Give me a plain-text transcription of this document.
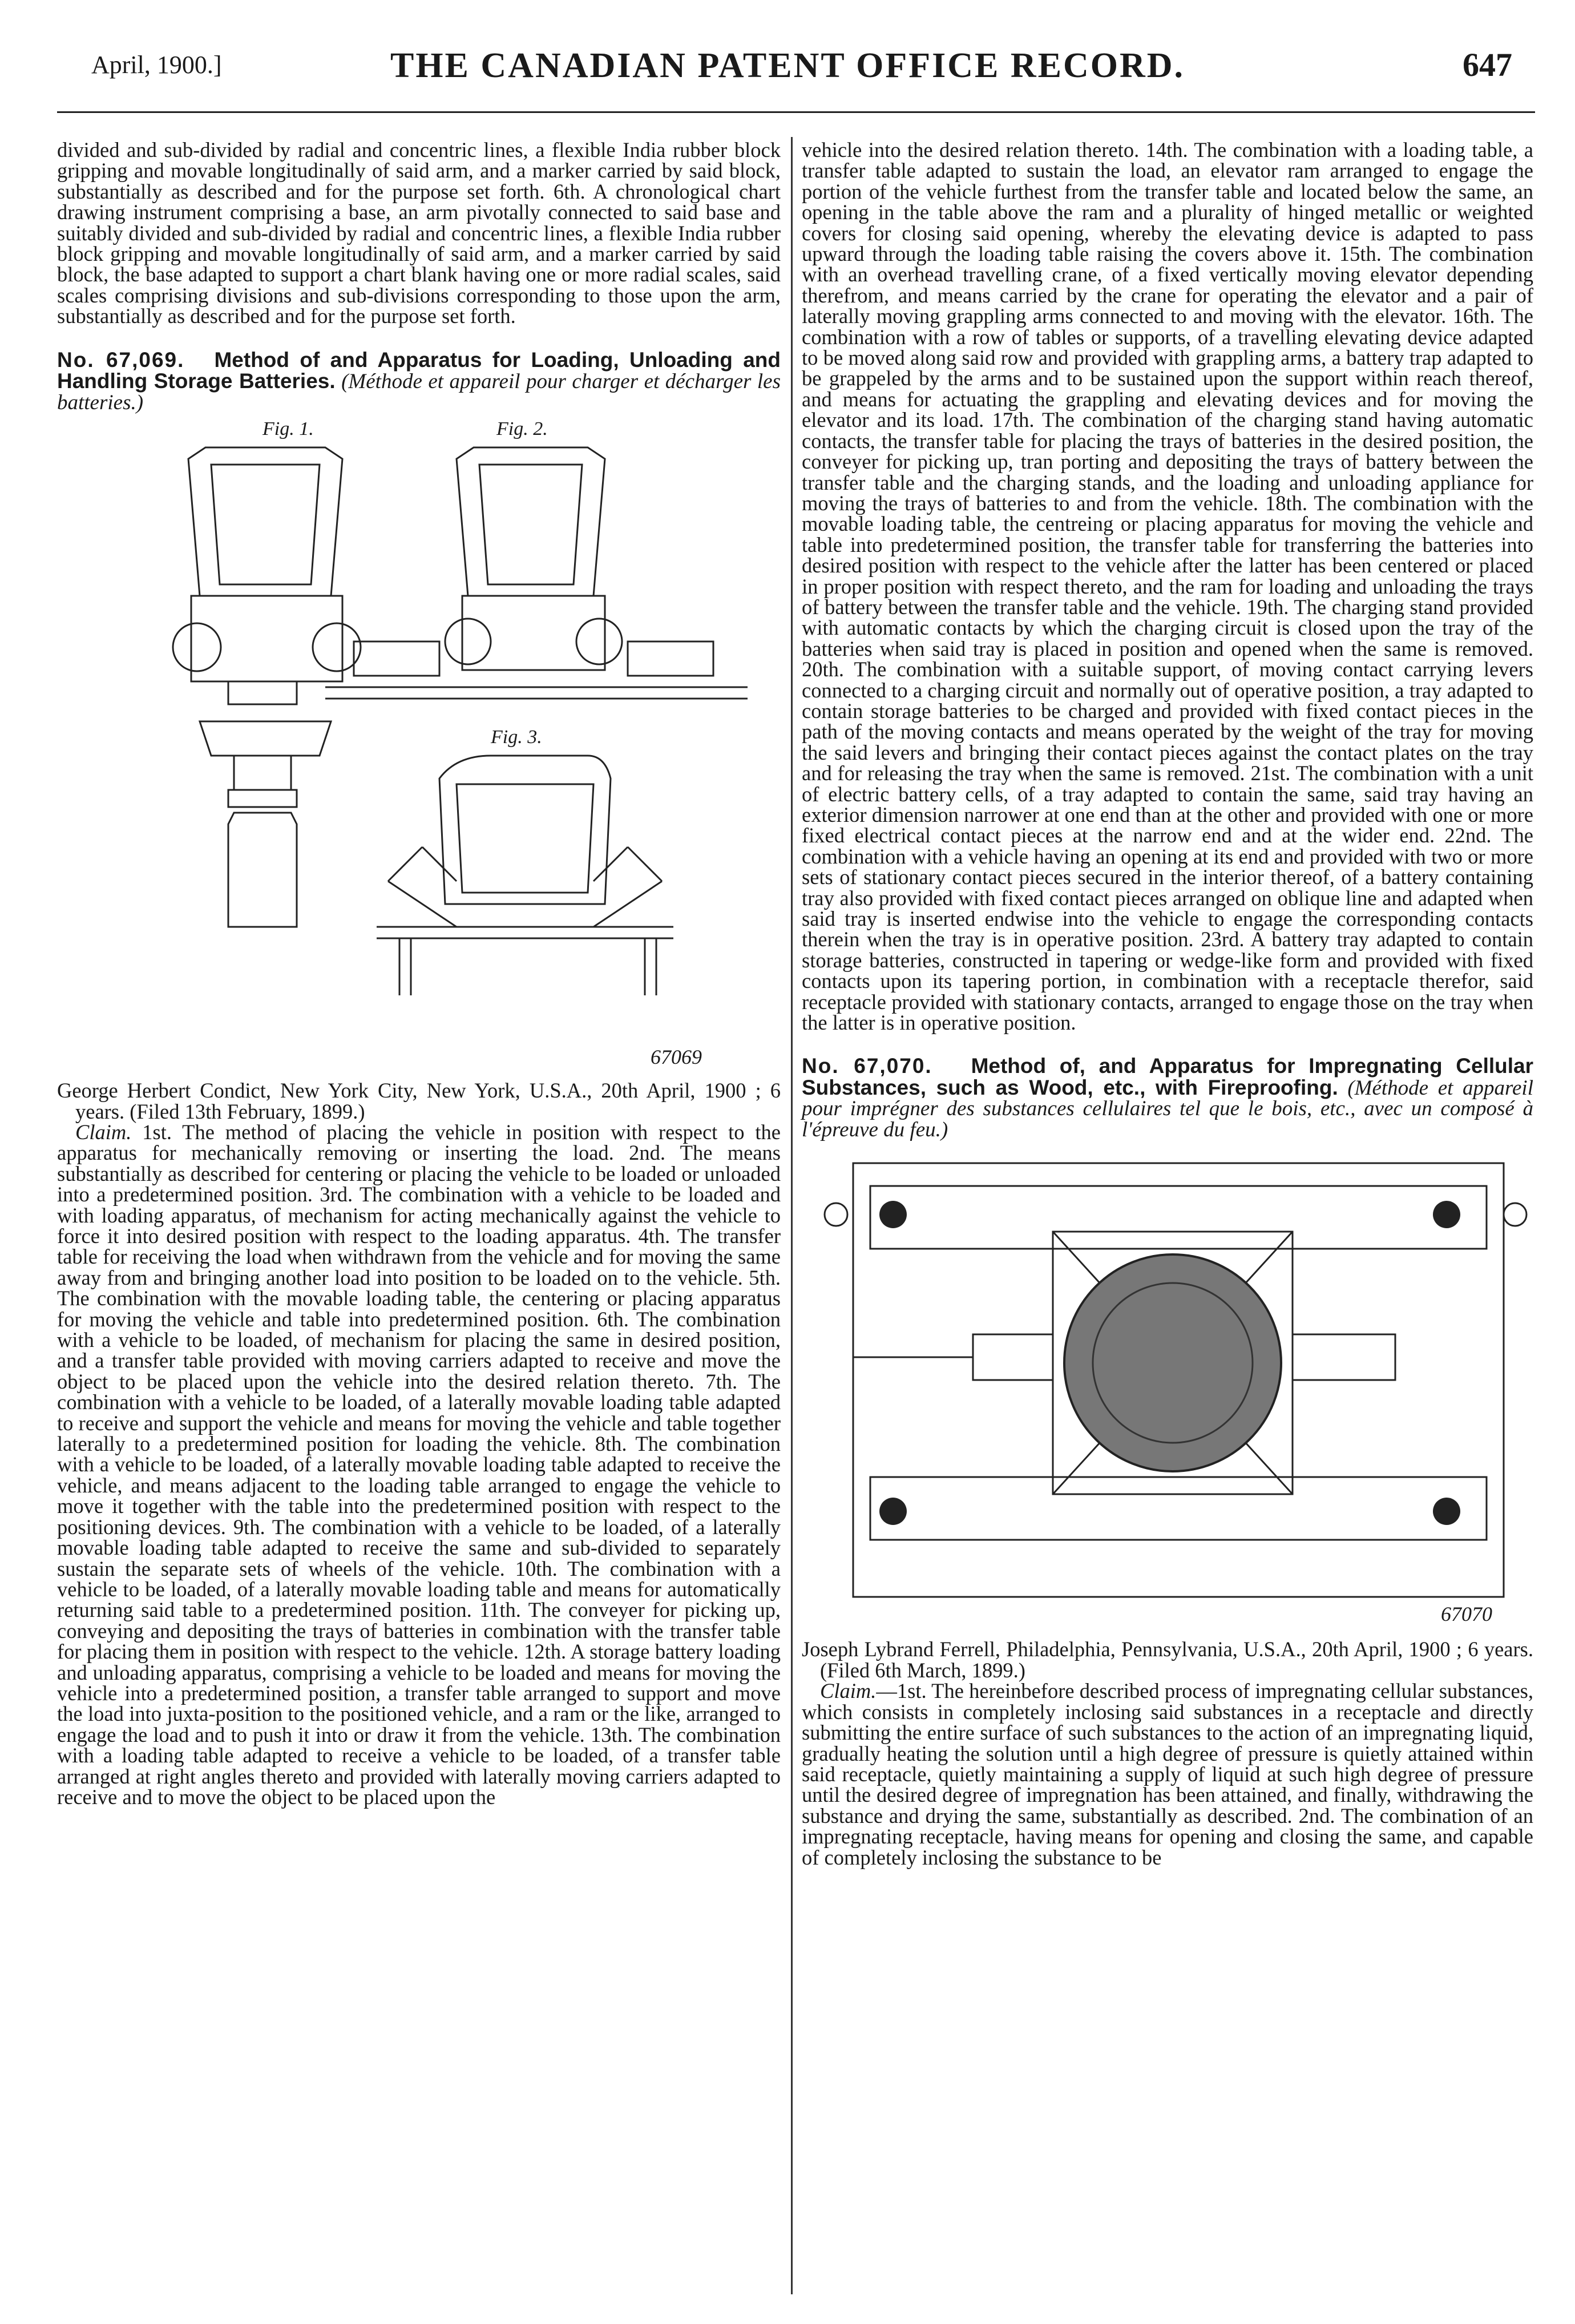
April, 1900.]	THE CANADIAN PATENT OFFICE RECORD.	647

divided and sub-divided by radial and concentric lines, a flexible India rubber block gripping and movable longitudinally of said arm, and a marker carried by said block, substantially as described and for the purpose set forth. 6th. A chronological chart drawing instrument comprising a base, an arm pivotally connected to said base and suitably divided and sub-divided by radial and concentric lines, a flexible India rubber block gripping and movable longitudinally of said arm, and a marker carried by said block, the base adapted to support a chart blank having one or more radial scales, said scales comprising divisions and sub-divisions corresponding to those upon the arm, substantially as described and for the purpose set forth.

No. 67,069. Method of and Apparatus for Loading, Unloading and Handling Storage Batteries. (Méthode et appareil pour charger et décharger les batteries.)

Fig. 1.	Fig. 2.
Fig. 3.
67069

George Herbert Condict, New York City, New York, U.S.A., 20th April, 1900 ; 6 years. (Filed 13th February, 1899.)

Claim. 1st. The method of placing the vehicle in position with respect to the apparatus for mechanically removing or inserting the load. 2nd. The means substantially as described for centering or placing the vehicle to be loaded or unloaded into a predetermined position. 3rd. The combination with a vehicle to be loaded and with loading apparatus, of mechanism for acting mechanically against the vehicle to force it into desired position with respect to the loading apparatus. 4th. The transfer table for receiving the load when withdrawn from the vehicle and for moving the same away from and bringing another load into position to be loaded on to the vehicle. 5th. The combination with the movable loading table, the centering or placing apparatus for moving the vehicle and table into predetermined position. 6th. The combination with a vehicle to be loaded, of mechanism for placing the same in desired position, and a transfer table provided with moving carriers adapted to receive and move the object to be placed upon the vehicle into the desired relation thereto. 7th. The combination with a vehicle to be loaded, of a laterally movable loading table adapted to receive and support the vehicle and means for moving the vehicle and table together laterally to a predetermined position for loading the vehicle. 8th. The combination with a vehicle to be loaded, of a laterally movable loading table adapted to receive the vehicle, and means adjacent to the loading table arranged to engage the vehicle to move it together with the table into the predetermined position with respect to the positioning devices. 9th. The combination with a vehicle to be loaded, of a laterally movable loading table adapted to receive the same and sub-divided to separately sustain the separate sets of wheels of the vehicle. 10th. The combination with a vehicle to be loaded, of a laterally movable loading table and means for automatically returning said table to a predetermined position. 11th. The conveyer for picking up, conveying and depositing the trays of batteries in combination with the transfer table for placing them in position with respect to the vehicle. 12th. A storage battery loading and unloading apparatus, comprising a vehicle to be loaded and means for moving the vehicle into a predetermined position, a transfer table arranged to support and move the load into juxta-position to the positioned vehicle, and a ram or the like, arranged to engage the load and to push it into or draw it from the vehicle. 13th. The combination with a loading table adapted to receive a vehicle to be loaded, of a transfer table arranged at right angles thereto and provided with laterally moving carriers adapted to receive and to move the object to be placed upon the

vehicle into the desired relation thereto. 14th. The combination with a loading table, a transfer table adapted to sustain the load, an elevator ram arranged to engage the portion of the vehicle furthest from the transfer table and located below the same, an opening in the table above the ram and a plurality of hinged metallic or weighted covers for closing said opening, whereby the elevating device is adapted to pass upward through the loading table raising the covers above it. 15th. The combination with an overhead travelling crane, of a fixed vertically moving elevator depending therefrom, and means carried by the crane for operating the elevator and a pair of laterally moving grappling arms connected to and moving with the elevator. 16th. The combination with a row of tables or supports, of a travelling elevating device adapted to be moved along said row and provided with grappling arms, a battery trap adapted to be grappeled by the arms and to be sustained upon the support within reach thereof, and means for actuating the grappling and elevating devices and for moving the elevator and its load. 17th. The combination of the charging stand having automatic contacts, the transfer table for placing the trays of batteries in the desired position, the conveyer for picking up, tran porting and depositing the trays of battery between the transfer table and the charging stands, and the loading and unloading appliance for moving the trays of batteries to and from the vehicle. 18th. The combination with the movable loading table, the centreing or placing apparatus for moving the vehicle and table into predetermined position, the transfer table for transferring the batteries into desired position with respect to the vehicle after the latter has been centered or placed in proper position with respect thereto, and the ram for loading and unloading the trays of battery between the transfer table and the vehicle. 19th. The charging stand provided with automatic contacts by which the charging circuit is closed upon the tray of the batteries when said tray is placed in position and opened when the same is removed. 20th. The combination with a suitable support, of moving contact carrying levers connected to a charging circuit and normally out of operative position, a tray adapted to contain storage batteries to be charged and provided with fixed contact pieces in the path of the moving contacts and means operated by the weight of the tray for moving the said levers and bringing their contact pieces against the contact plates on the tray and for releasing the tray when the same is removed. 21st. The combination with a unit of electric battery cells, of a tray adapted to contain the same, said tray having an exterior dimension narrower at one end than at the other and provided with one or more fixed electrical contact pieces at the narrow end and at the wider end. 22nd. The combination with a vehicle having an opening at its end and provided with two or more sets of stationary contact pieces secured in the interior thereof, of a battery containing tray also provided with fixed contact pieces arranged on oblique line and adapted when said tray is inserted endwise into the vehicle to engage the corresponding contacts therein when the tray is in operative position. 23rd. A battery tray adapted to contain storage batteries, constructed in tapering or wedge-like form and provided with fixed contacts upon its tapering portion, in combination with a receptacle therefor, said receptacle provided with stationary contacts, arranged to engage those on the tray when the latter is in operative position.

No. 67,070. Method of, and Apparatus for Impregnating Cellular Substances, such as Wood, etc., with Fireproofing. (Méthode et appareil pour imprégner des substances cellulaires tel que le bois, etc., avec un composé à l'épreuve du feu.)

67070

Joseph Lybrand Ferrell, Philadelphia, Pennsylvania, U.S.A., 20th April, 1900 ; 6 years. (Filed 6th March, 1899.)

Claim.—1st. The hereinbefore described process of impregnating cellular substances, which consists in completely inclosing said substances in a receptacle and directly submitting the entire surface of such substances to the action of an impregnating liquid, gradually heating the solution until a high degree of pressure is quietly attained within said receptacle, quietly maintaining a supply of liquid at such high degree of pressure until the desired degree of impregnation has been attained, and finally, withdrawing the substance and drying the same, substantially as described. 2nd. The combination of an impregnating receptacle, having means for opening and closing the same, and capable of completely inclosing the substance to be
